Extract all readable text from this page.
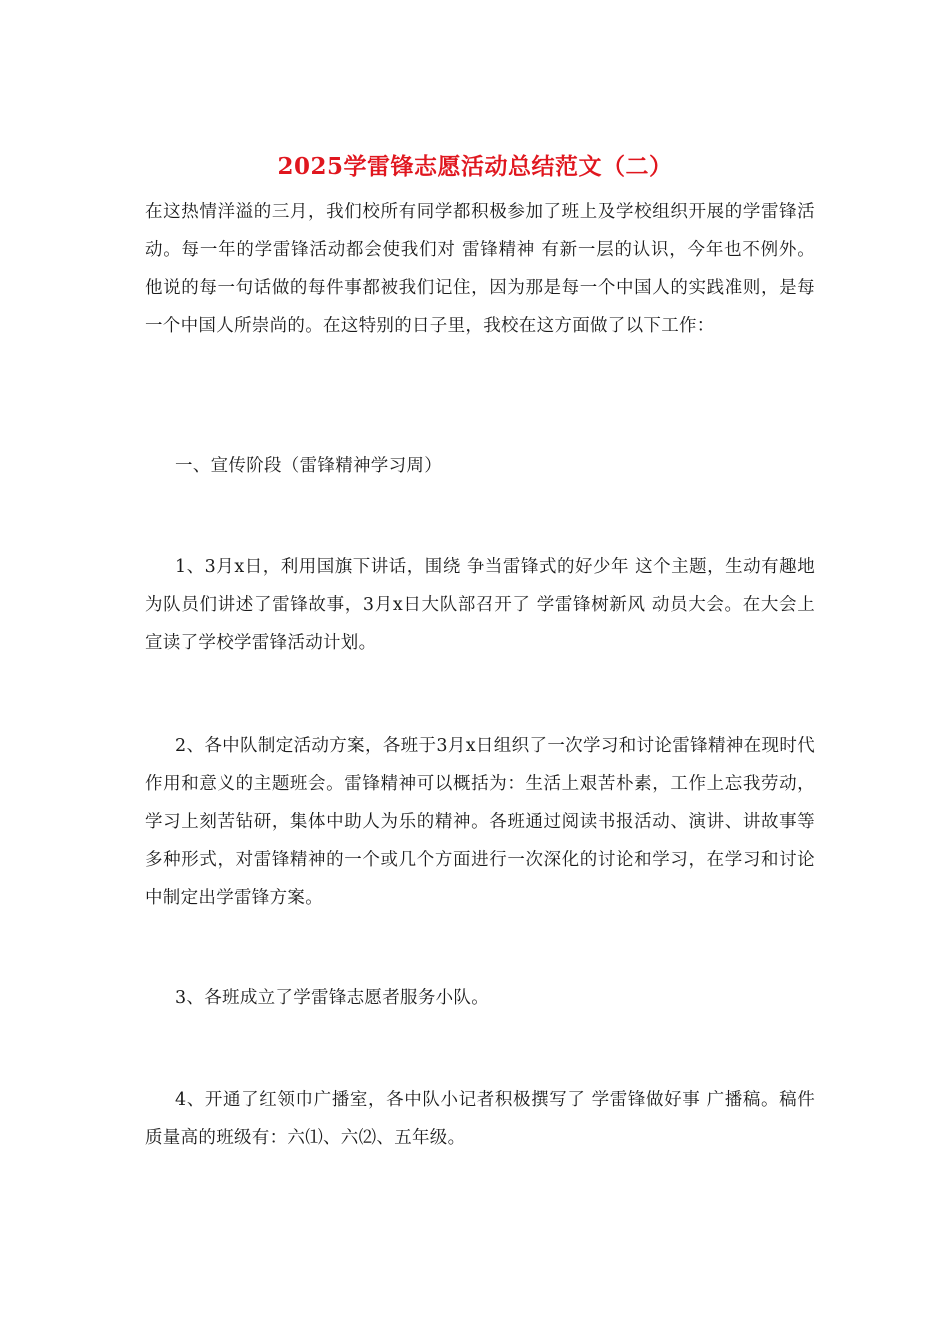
2025学雷锋志愿活动总结范文（二）

在这热情洋溢的三月，我们校所有同学都积极参加了班上及学校组织开展的学雷锋活动。每一年的学雷锋活动都会使我们对 雷锋精神 有新一层的认识，今年也不例外。他说的每一句话做的每件事都被我们记住，因为那是每一个中国人的实践准则，是每一个中国人所崇尚的。在这特别的日子里，我校在这方面做了以下工作：

一、宣传阶段（雷锋精神学习周）

1、3月x日，利用国旗下讲话，围绕 争当雷锋式的好少年 这个主题，生动有趣地为队员们讲述了雷锋故事，3月x日大队部召开了 学雷锋树新风 动员大会。在大会上宣读了学校学雷锋活动计划。

2、各中队制定活动方案，各班于3月x日组织了一次学习和讨论雷锋精神在现时代作用和意义的主题班会。雷锋精神可以概括为：生活上艰苦朴素，工作上忘我劳动，学习上刻苦钻研，集体中助人为乐的精神。各班通过阅读书报活动、演讲、讲故事等多种形式，对雷锋精神的一个或几个方面进行一次深化的讨论和学习，在学习和讨论中制定出学雷锋方案。

3、各班成立了学雷锋志愿者服务小队。

4、开通了红领巾广播室，各中队小记者积极撰写了 学雷锋做好事 广播稿。稿件质量高的班级有：六⑴、六⑵、五年级。
